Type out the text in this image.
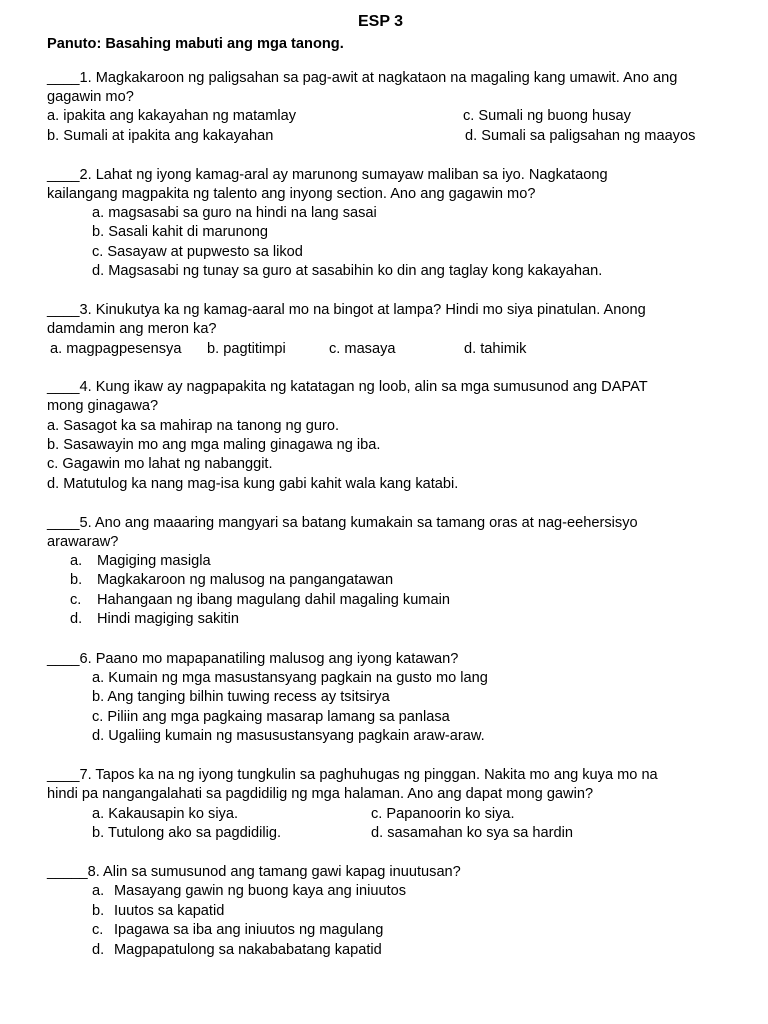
ESP 3
Panuto: Basahing mabuti ang mga tanong.
____1. Magkakaroon ng paligsahan sa pag-awit at nagkataon na magaling kang umawit. Ano ang
gagawin mo?
a. ipakita ang kakayahan ng matamlay	c. Sumali ng buong husay
b. Sumali at ipakita ang kakayahan	d. Sumali sa paligsahan ng maayos
____2. Lahat ng iyong kamag-aral ay marunong sumayaw maliban sa iyo. Nagkataong
kailangang magpakita ng talento ang inyong section. Ano ang gagawin mo?
a. magsasabi sa guro na hindi na lang sasai
b. Sasali kahit di marunong
c. Sasayaw at pupwesto sa likod
d. Magsasabi ng tunay sa guro at sasabihin ko din ang taglay kong kakayahan.
____3. Kinukutya ka ng kamag-aaral mo na bingot at lampa? Hindi mo siya pinatulan. Anong
damdamin ang meron ka?
a. magpagpesensya b. pagtitimpi	c. masaya	d. tahimik
____4. Kung ikaw ay nagpapakita ng katatagan ng loob, alin sa mga sumusunod ang DAPAT
mong ginagawa?
a. Sasagot ka sa mahirap na tanong ng guro.
b. Sasawayin mo ang mga maling ginagawa ng iba.
c. Gagawin mo lahat ng nabanggit.
d. Matutulog ka nang mag-isa kung gabi kahit wala kang katabi.
____5. Ano ang maaaring mangyari sa batang kumakain sa tamang oras at nag-eehersisyo
arawaraw?
a. Magiging masigla
b. Magkakaroon ng malusog na pangangatawan
c. Hahangaan ng ibang magulang dahil magaling kumain
d. Hindi magiging sakitin
____6. Paano mo mapapanatiling malusog ang iyong katawan?
a. Kumain ng mga masustansyang pagkain na gusto mo lang
b. Ang tanging bilhin tuwing recess ay tsitsirya
c. Piliin ang mga pagkaing masarap lamang sa panlasa
d. Ugaliing kumain ng masusustansyang pagkain araw-araw.
____7. Tapos ka na ng iyong tungkulin sa paghuhugas ng pinggan. Nakita mo ang kuya mo na
hindi pa nangangalahati sa pagdidilig ng mga halaman. Ano ang dapat mong gawin?
a. Kakausapin ko siya.	c. Papanoorin ko siya.
b. Tutulong ako sa pagdidilig.	d. sasamahan ko sya sa hardin
_____8. Alin sa sumusunod ang tamang gawi kapag inuutusan?
a. Masayang gawin ng buong kaya ang iniuutos
b. Iuutos sa kapatid
c. Ipagawa sa iba ang iniuutos ng magulang
d. Magpapatulong sa nakababatang kapatid
